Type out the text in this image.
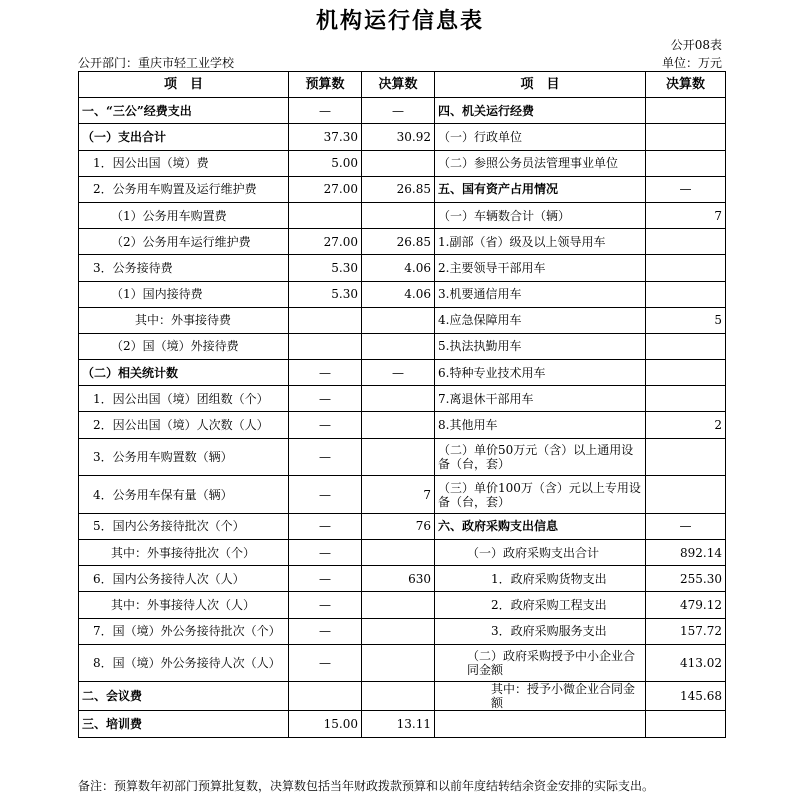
机构运行信息表
公开08表
公开部门：重庆市轻工业学校	单位：万元
项　目	预算数	决算数	项　目	决算数
一、“三公”经费支出	—	—	四、机关运行经费	
（一）支出合计	37.30	30.92	（一）行政单位	
1．因公出国（境）费	5.00		（二）参照公务员法管理事业单位	
2．公务用车购置及运行维护费	27.00	26.85	五、国有资产占用情况	—
（1）公务用车购置费			（一）车辆数合计（辆）	7
（2）公务用车运行维护费	27.00	26.85	1.副部（省）级及以上领导用车	
3．公务接待费	5.30	4.06	2.主要领导干部用车	
（1）国内接待费	5.30	4.06	3.机要通信用车	
其中：外事接待费			4.应急保障用车	5
（2）国（境）外接待费			5.执法执勤用车	
（二）相关统计数	—	—	6.特种专业技术用车	
1．因公出国（境）团组数（个）	—		7.离退休干部用车	
2．因公出国（境）人次数（人）	—		8.其他用车	2
3．公务用车购置数（辆）	—		（二）单价50万元（含）以上通用设备（台，套）	
4．公务用车保有量（辆）	—	7	（三）单价100万（含）元以上专用设备（台，套）	
5．国内公务接待批次（个）	—	76	六、政府采购支出信息	—
其中：外事接待批次（个）	—		（一）政府采购支出合计	892.14
6．国内公务接待人次（人）	—	630	1．政府采购货物支出	255.30
其中：外事接待人次（人）	—		2．政府采购工程支出	479.12
7．国（境）外公务接待批次（个）	—		3．政府采购服务支出	157.72
8．国（境）外公务接待人次（人）	—		（二）政府采购授予中小企业合同金额	413.02
二、会议费			其中：授予小微企业合同金额	145.68
三、培训费	15.00	13.11		
备注：预算数年初部门预算批复数，决算数包括当年财政拨款预算和以前年度结转结余资金安排的实际支出。
